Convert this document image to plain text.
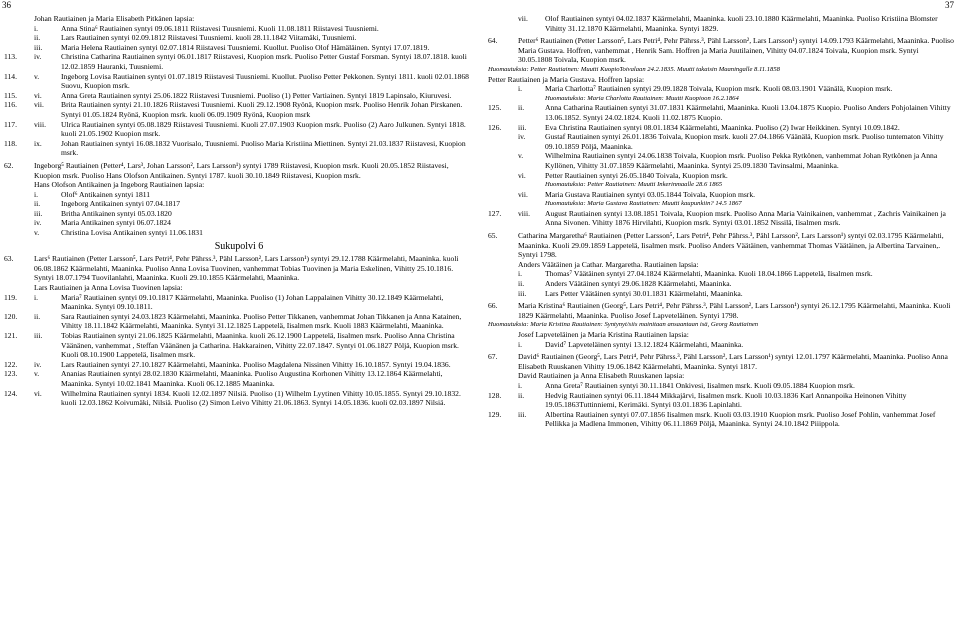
36
Johan Rautiainen ja Maria Elisabeth Pitkänen lapsia:
i.	Anna Stina⁶ Rautiainen syntyi 09.06.1811 Riistavesi Tuusniemi. Kuoli 11.08.1811 Riistavesi Tuusniemi.
ii.	Lars Rautiainen syntyi 02.09.1812 Riistavesi Tuusniemi. kuoli 28.11.1842 Viitamäki, Tuusniemi.
iii.	Maria Helena Rautiainen syntyi 02.07.1814 Riistavesi Tuusniemi. Kuollut. Puoliso Olof Hämäläinen. Syntyi 17.07.1819.
113.	iv.	Christina Catharina Rautiainen syntyi 06.01.1817 Riistavesi, Kuopion msrk. Puoliso Petter Gustaf Forsman. Syntyi 18.07.1818. kuoli 12.02.1859 Hauranki, Tuusniemi.
114.	v.	Ingeborg Lovisa Rautiainen syntyi 01.07.1819 Riistavesi Tuusniemi. Kuollut. Puoliso Petter Pekkonen. Syntyi 1811. kuoli 02.01.1868 Suovu, Kuopion msrk.
115.	vi.	Anna Greta Rautiainen syntyi 25.06.1822 Riistavesi Tuusniemi. Puoliso (1) Petter Vartiainen. Syntyi 1819 Lapinsalo, Kiuruvesi.
116.	vii.	Brita Rautiainen syntyi 21.10.1826 Riistavesi Tuusniemi. Kuoli 29.12.1908 Ryönä, Kuopion msrk. Puoliso Henrik Johan Pirskanen. Syntyi 01.05.1824 Ryönä, Kuopion msrk. kuoli 06.09.1909 Ryönä, Kuopion msrk
117.	viii.	Ulrica Rautiainen syntyi 05.08.1829 Riistavesi Tuusniemi. Kuoli 27.07.1903 Kuopion msrk. Puoliso (2) Aaro Julkunen. Syntyi 1818. kuoli 21.05.1902 Kuopion msrk.
118.	ix.	Johan Rautiainen syntyi 16.08.1832 Vuorisalo, Tuusniemi. Puoliso Maria Kristiina Miettinen. Syntyi 21.03.1837 Riistavesi, Kuopion msrk.
62.	Ingeborg⁵ Rautiainen (Petter⁴, Lars³, Johan Larsson², Lars Larsson¹) syntyi 1789 Riistavesi, Kuopion msrk. Kuoli 20.05.1852 Riistavesi, Kuopion msrk. Puoliso Hans Olofson Antikainen. Syntyi 1787. kuoli 30.10.1849 Riistavesi, Kuopion msrk.
Hans Olofson Antikainen ja Ingeborg Rautiainen lapsia:
i.	Olof⁶ Antikainen syntyi 1811
ii.	Ingeborg Antikainen syntyi 07.04.1817
iii.	Britha Antikainen syntyi 05.03.1820
iv.	Maria Antikainen syntyi 06.07.1824
v.	Christina Lovisa Antikainen syntyi 11.06.1831
Sukupolvi 6
63.	Lars⁶ Rautiainen (Petter Larsson⁵, Lars Petri⁴, Pehr Pährss.³, Pähl Larsson², Lars Larsson¹) syntyi 29.12.1788 Käärmelahti, Maaninka. kuoli 06.08.1862 Käärmelahti, Maaninka. Puoliso Anna Lovisa Tuovinen, vanhemmat Tobias Tuovinen ja Maria Eskelinen, Vihitty 25.10.1816. Syntyi 18.07.1794 Tuovilanlahti, Maaninka. Kuoli 29.10.1855 Käärmelahti, Maaninka.
Lars Rautiainen ja Anna Lovisa Tuovinen lapsia:
119.	i.	Maria⁷ Rautiainen syntyi 09.10.1817 Käärmelahti, Maaninka. Puoliso (1) Johan Lappalainen Vihitty 30.12.1849 Käärmelahti, Maaninka. Syntyi 09.10.1811.
120.	ii.	Sara Rautiainen syntyi 24.03.1823 Käärmelahti, Maaninka. Puoliso Petter Tikkanen, vanhemmat Johan Tikkanen ja Anna Katainen, Vihitty 18.11.1842 Käärmelahti, Maaninka. Syntyi 31.12.1825 Lappetelä, Iisalmen msrk. Kuoli 1883 Käärmelahti, Maaninka.
121.	iii.	Tobias Rautiainen syntyi 21.06.1825 Käärmelahti, Maaninka. kuoli 26.12.1900 Lappetelä, Iisalmen msrk. Puoliso Anna Christina Väänänen, vanhemmat , Steffan Väänänen ja Catharina. Hakkarainen, Vihitty 22.07.1847. Syntyi 01.06.1827 Pöljä, Kuopion msrk. Kuoli 08.10.1900 Lappetelä, Iisalmen msrk.
122.	iv.	Lars Rautiainen syntyi 27.10.1827 Käärmelahti, Maaninka. Puoliso Magdalena Nissinen Vihitty 16.10.1857. Syntyi 19.04.1836.
123.	v.	Ananias Rautiainen syntyi 28.02.1830 Käärmelahti, Maaninka. Puoliso Augustina Korhonen Vihitty 13.12.1864 Käärmelahti, Maaninka. Syntyi 10.02.1841 Maaninka. Kuoli 06.12.1885 Maaninka.
124.	vi.	Wilhelmina Rautiainen syntyi 1834. Kuoli 12.02.1897 Nilsiä. Puoliso (1) Wilhelm Lyytinen Vihitty 10.05.1855. Syntyi 29.10.1832. kuoli 12.03.1862 Koivumäki, Nilsiä. Puoliso (2) Simon Leivo Vihitty 21.06.1863. Syntyi 14.05.1836. kuoli 02.03.1897 Nilsiä.
37
vii.	Olof Rautiainen syntyi 04.02.1837 Käärmelahti, Maaninka. kuoli 23.10.1880 Käärmelahti, Maaninka. Puoliso Kristiina Blomster Vihitty 31.12.1870 Käärmelahti, Maaninka. Syntyi 1829.
64.	Petter⁶ Rautiainen (Petter Larsson⁵, Lars Petri⁴, Pehr Pährss.³, Pähl Larsson², Lars Larsson¹) syntyi 14.09.1793 Käärmelahti, Maaninka. Puoliso Maria Gustava. Hoffren, vanhemmat , Henrik Sam. Hoffren ja Maria Juutilainen, Vihitty 04.07.1824 Toivala, Kuopion msrk. Syntyi 30.05.1808 Toivala, Kuopion msrk.
Huomautuksia: Petter Rautiainen: Muutti KuopioToivalaan 24.2.1835. Muutti takaisin Maaningalle 8.11.1858
Petter Rautiainen ja Maria Gustava. Hoffren lapsia:
i.	Maria Charlotta⁷ Rautiainen syntyi 29.09.1828 Toivala, Kuopion msrk. Kuoli 08.03.1901 Väänälä, Kuopion msrk.
Huomautuksia: Maria Charlotta Rautiainen: Muutti Kuopioon 16.2.1864
125.	ii.	Anna Catharina Rautiainen syntyi 31.07.1831 Käärmelahti, Maaninka. Kuoli 13.04.1875 Kuopio. Puoliso Anders Pohjolainen Vihitty 13.06.1852. Syntyi 24.02.1824. Kuoli 11.02.1875 Kuopio.
126.	iii.	Eva Christina Rautiainen syntyi 08.01.1834 Käärmelahti, Maaninka. Puoliso (2) Iwar Heikkinen. Syntyi 10.09.1842.
iv.	Gustaf Rautiainen syntyi 26.01.1836 Toivala, Kuopion msrk. kuoli 27.04.1866 Väänälä, Kuopion msrk. Puoliso tuntematon Vihitty 09.10.1859 Pöljä, Maaninka.
v.	Wilhelmina Rautiainen syntyi 24.06.1838 Toivala, Kuopion msrk. Puoliso Pekka Rytkönen, vanhemmat Johan Rytkönen ja Anna Kyllönen, Vihitty 31.07.1859 Käärmelahti, Maaninka. Syntyi 25.09.1830 Tavinsalmi, Maaninka.
vi.	Petter Rautiainen syntyi 26.05.1840 Toivala, Kuopion msrk.
Huomautuksia: Petter Rautiainen: Muutti Inkerinmaalle 28.6 1865
vii.	Maria Gustava Rautiainen syntyi 03.05.1844 Toivala, Kuopion msrk.
Huomautuksia: Maria Gustava Rautiainen: Muutti kaupunkiin? 14.5 1867
127.	viii.	August Rautiainen syntyi 13.08.1851 Toivala, Kuopion msrk. Puoliso Anna Maria Vainikainen, vanhemmat , Zachris Vainikainen ja Anna Sivonen. Vihitty 1876 Hirvilahti, Kuopion msrk. Syntyi 03.01.1852 Nissilä, Iisalmen msrk.
65.	Catharina Margaretha⁶ Rautiainen (Petter Larsson⁵, Lars Petri⁴, Pehr Pährss.³, Pähl Larsson², Lars Larsson¹) syntyi 02.03.1795 Käärmelahti, Maaninka. Kuoli 29.09.1859 Lappetelä, Iisalmen msrk. Puoliso Anders Väätäinen, vanhemmat Thomas Väätäinen, ja Albertina Tarvainen,. Syntyi 1798.
Anders Väätäinen ja Cathar. Margaretha. Rautiainen lapsia:
i.	Thomas⁷ Väätäinen syntyi 27.04.1824 Käärmelahti, Maaninka. Kuoli 18.04.1866 Lappetelä, Iisalmen msrk.
ii.	Anders Väätäinen syntyi 29.06.1828 Käärmelahti, Maaninka.
iii.	Lars Petter Väätäinen syntyi 30.01.1831 Käärmelahti, Maaninka.
66.	Maria Kristina⁶ Rautiainen (Georg⁵, Lars Petri⁴, Pehr Pährss.³, Pähl Larsson², Lars Larsson¹) syntyi 26.12.1795 Käärmelahti, Maaninka. Kuoli 1829 Käärmelahti, Maaninka. Puoliso Josef Lapveteläinen. Syntyi 1798.
Huomautuksia: Maria Kristina Rautiainen: Syntynyt/siis mainitaan ansaantaan isä, Georg Rautiainen
Josef Lapveteläinen ja Maria Kristina Rautiainen lapsia:
i.	David⁷ Lapveteläinen syntyi 13.12.1824 Käärmelahti, Maaninka.
67.	David⁶ Rautiainen (Georg⁵, Lars Petri⁴, Pehr Pährss.³, Pähl Larsson², Lars Larsson¹) syntyi 12.01.1797 Käärmelahti, Maaninka. Puoliso Anna Elisabeth Ruuskanen Vihitty 19.06.1842 Käärmelahti, Maaninka. Syntyi 1817.
David Rautiainen ja Anna Elisabeth Ruuskanen lapsia:
i.	Anna Greta⁷ Rautiainen syntyi 30.11.1841 Onkivesi, Iisalmen msrk. Kuoli 09.05.1884 Kuopion msrk.
128.	ii.	Hedvig Rautiainen syntyi 06.11.1844 Mikkajärvi, Iisalmen msrk. Kuoli 10.03.1836 Karl Annanpoika Heinonen Vihitty 19.05.1863Tuttinniemi, Kerimäki. Syntyi 03.01.1836 Lapinlahti.
129.	iii.	Albertina Rautiainen syntyi 07.07.1856 Iisalmen msrk. Kuoli 03.03.1910 Kuopion msrk. Puoliso Josef Pohlin, vanhemmat Josef Pellikka ja Madlena Immonen, Vihitty 06.11.1869 Pöljä, Maaninka. Syntyi 24.10.1842 Piiippola.
